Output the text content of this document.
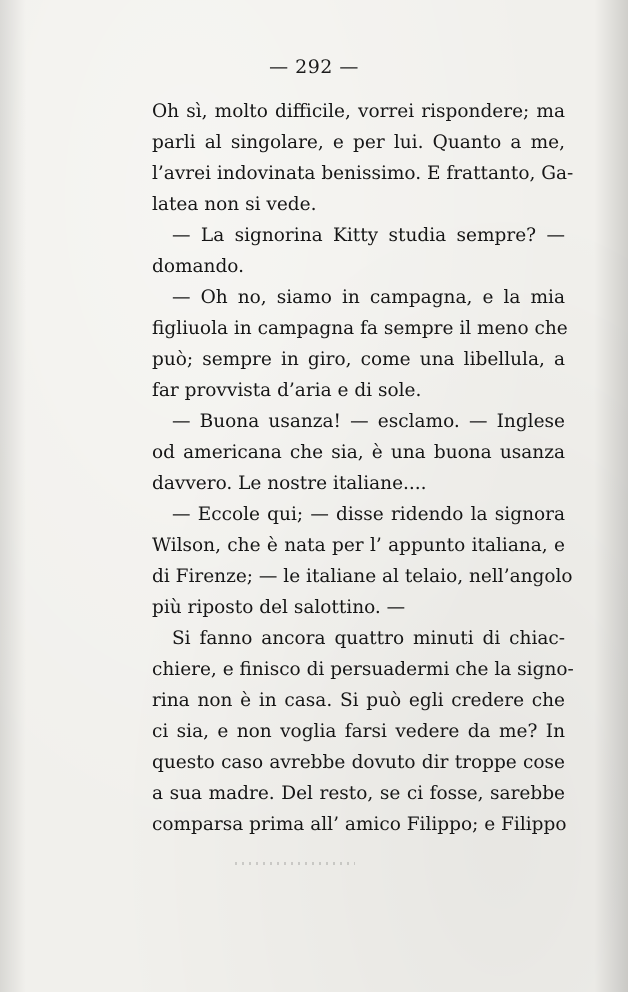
— 292 —
Oh sì, molto difficile, vorrei rispondere; ma
parli al singolare, e per lui. Quanto a me,
l’avrei indovinata benissimo. E frattanto, Ga-
latea non si vede.
— La signorina Kitty studia sempre? —
domando.
— Oh no, siamo in campagna, e la mia
figliuola in campagna fa sempre il meno che
può; sempre in giro, come una libellula, a
far provvista d’aria e di sole.
— Buona usanza! — esclamo. — Inglese
od americana che sia, è una buona usanza
davvero. Le nostre italiane....
— Eccole qui; — disse ridendo la signora
Wilson, che è nata per l’ appunto italiana, e
di Firenze; — le italiane al telaio, nell’angolo
più riposto del salottino. —
Si fanno ancora quattro minuti di chiac-
chiere, e finisco di persuadermi che la signo-
rina non è in casa. Si può egli credere che
ci sia, e non voglia farsi vedere da me? In
questo caso avrebbe dovuto dir troppe cose
a sua madre. Del resto, se ci fosse, sarebbe
comparsa prima all’ amico Filippo; e Filippo
